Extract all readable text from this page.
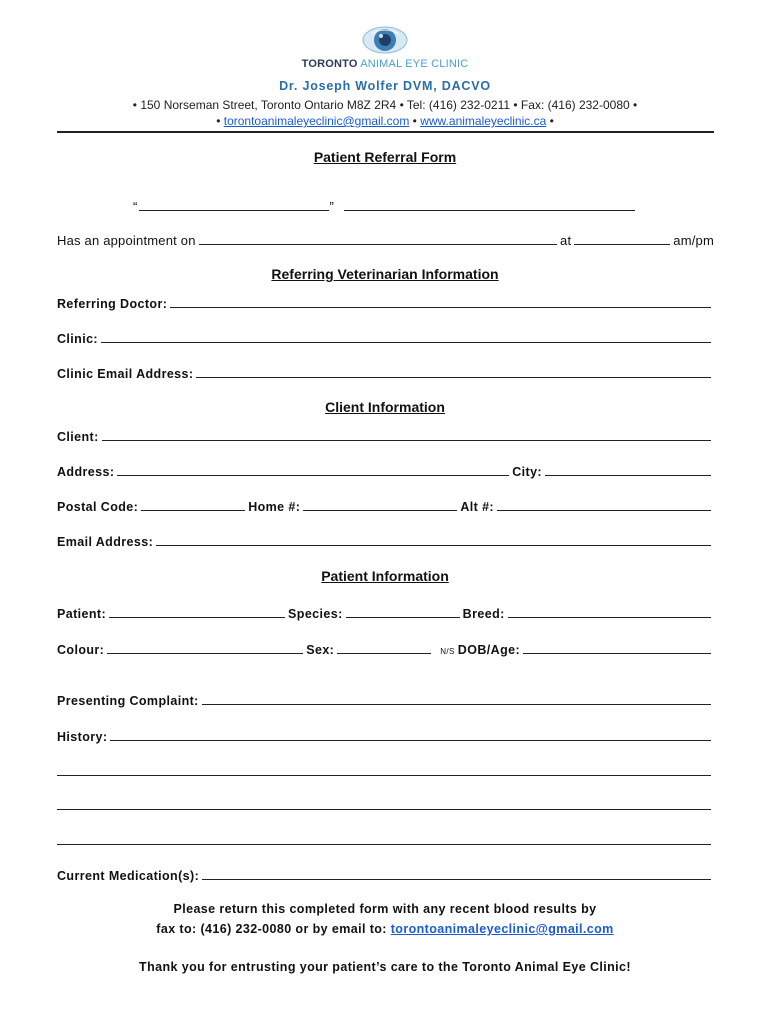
TORONTO ANIMAL EYE CLINIC
Dr. Joseph Wolfer DVM, DACVO
• 150 Norseman Street, Toronto Ontario M8Z 2R4 • Tel: (416) 232-0211 • Fax: (416) 232-0080 •
• torontoanimaleyeclinic@gmail.com • www.animaleyeclinic.ca •
Patient Referral Form
“	”
Has an appointment on	at	am/pm
Referring Veterinarian Information
Referring Doctor:
Clinic:
Clinic Email Address:
Client Information
Client:
Address:	City:
Postal Code:	Home #:	Alt #:
Email Address:
Patient Information
Patient:	Species:	Breed:
Colour:	Sex:	N/S DOB/Age:
Presenting Complaint:
History:
Current Medication(s):
Please return this completed form with any recent blood results by
fax to: (416) 232-0080 or by email to: torontoanimaleyeclinic@gmail.com
Thank you for entrusting your patient’s care to the Toronto Animal Eye Clinic!
